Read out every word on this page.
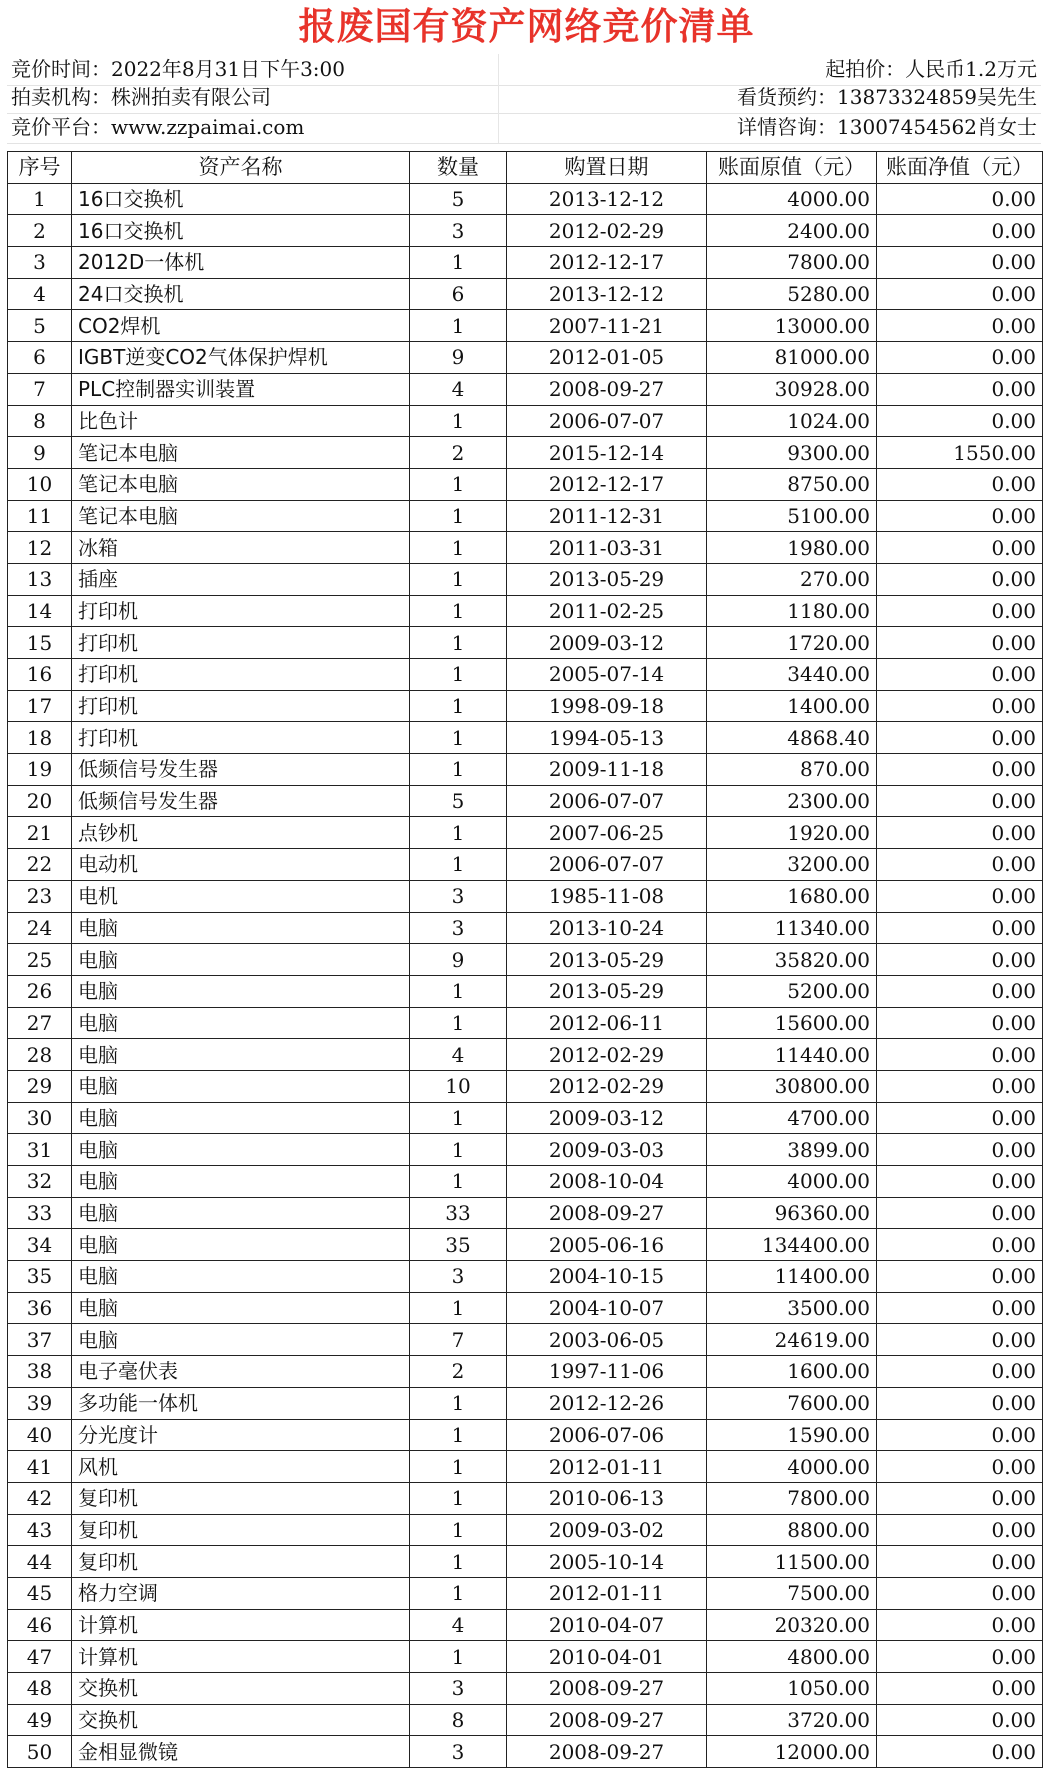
报废国有资产网络竞价清单
竞价时间：2022年8月31日下午3:00	起拍价：人民币1.2万元
拍卖机构：株洲拍卖有限公司	看货预约：13873324859吴先生
竞价平台：www.zzpaimai.com	详情咨询：13007454562肖女士
序号	资产名称	数量	购置日期	账面原值（元）	账面净值（元）
1	16口交换机	5	2013-12-12	4000.00	0.00
2	16口交换机	3	2012-02-29	2400.00	0.00
3	2012D一体机	1	2012-12-17	7800.00	0.00
4	24口交换机	6	2013-12-12	5280.00	0.00
5	CO2焊机	1	2007-11-21	13000.00	0.00
6	IGBT逆变CO2气体保护焊机	9	2012-01-05	81000.00	0.00
7	PLC控制器实训装置	4	2008-09-27	30928.00	0.00
8	比色计	1	2006-07-07	1024.00	0.00
9	笔记本电脑	2	2015-12-14	9300.00	1550.00
10	笔记本电脑	1	2012-12-17	8750.00	0.00
11	笔记本电脑	1	2011-12-31	5100.00	0.00
12	冰箱	1	2011-03-31	1980.00	0.00
13	插座	1	2013-05-29	270.00	0.00
14	打印机	1	2011-02-25	1180.00	0.00
15	打印机	1	2009-03-12	1720.00	0.00
16	打印机	1	2005-07-14	3440.00	0.00
17	打印机	1	1998-09-18	1400.00	0.00
18	打印机	1	1994-05-13	4868.40	0.00
19	低频信号发生器	1	2009-11-18	870.00	0.00
20	低频信号发生器	5	2006-07-07	2300.00	0.00
21	点钞机	1	2007-06-25	1920.00	0.00
22	电动机	1	2006-07-07	3200.00	0.00
23	电机	3	1985-11-08	1680.00	0.00
24	电脑	3	2013-10-24	11340.00	0.00
25	电脑	9	2013-05-29	35820.00	0.00
26	电脑	1	2013-05-29	5200.00	0.00
27	电脑	1	2012-06-11	15600.00	0.00
28	电脑	4	2012-02-29	11440.00	0.00
29	电脑	10	2012-02-29	30800.00	0.00
30	电脑	1	2009-03-12	4700.00	0.00
31	电脑	1	2009-03-03	3899.00	0.00
32	电脑	1	2008-10-04	4000.00	0.00
33	电脑	33	2008-09-27	96360.00	0.00
34	电脑	35	2005-06-16	134400.00	0.00
35	电脑	3	2004-10-15	11400.00	0.00
36	电脑	1	2004-10-07	3500.00	0.00
37	电脑	7	2003-06-05	24619.00	0.00
38	电子毫伏表	2	1997-11-06	1600.00	0.00
39	多功能一体机	1	2012-12-26	7600.00	0.00
40	分光度计	1	2006-07-06	1590.00	0.00
41	风机	1	2012-01-11	4000.00	0.00
42	复印机	1	2010-06-13	7800.00	0.00
43	复印机	1	2009-03-02	8800.00	0.00
44	复印机	1	2005-10-14	11500.00	0.00
45	格力空调	1	2012-01-11	7500.00	0.00
46	计算机	4	2010-04-07	20320.00	0.00
47	计算机	1	2010-04-01	4800.00	0.00
48	交换机	3	2008-09-27	1050.00	0.00
49	交换机	8	2008-09-27	3720.00	0.00
50	金相显微镜	3	2008-09-27	12000.00	0.00
